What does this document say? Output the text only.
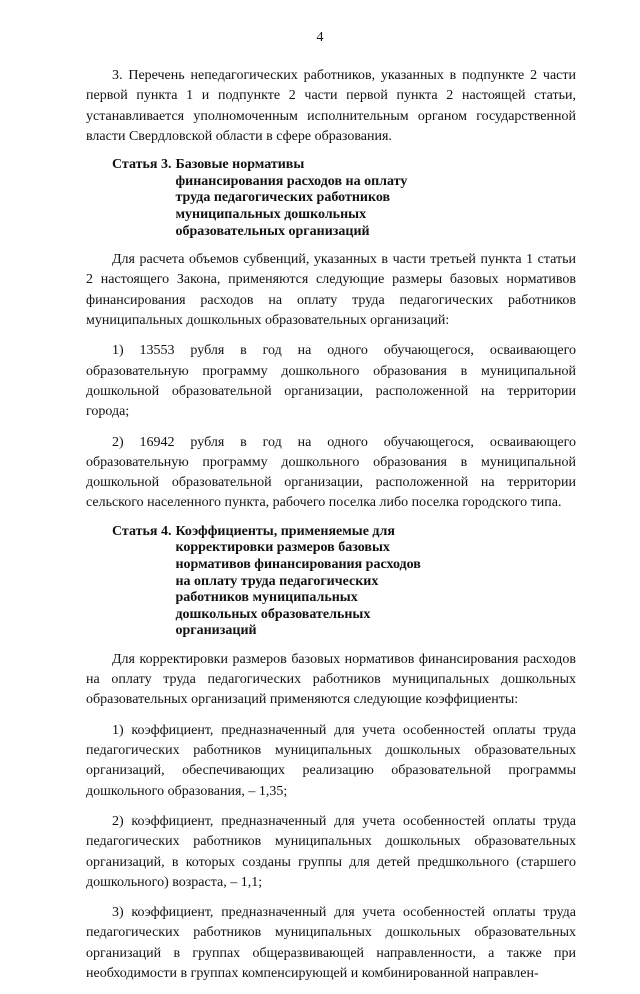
4

3. Перечень непедагогических работников, указанных в подпункте 2 части первой пункта 1 и подпункте 2 части первой пункта 2 настоящей статьи, устанавливается уполномоченным исполнительным органом государственной власти Свердловской области в сфере образования.

Статья 3. Базовые нормативы финансирования расходов на оплату труда педагогических работников муниципальных дошкольных образовательных организаций

Для расчета объемов субвенций, указанных в части третьей пункта 1 статьи 2 настоящего Закона, применяются следующие размеры базовых нормативов финансирования расходов на оплату труда педагогических работников муниципальных дошкольных образовательных организаций:

1) 13553 рубля в год на одного обучающегося, осваивающего образовательную программу дошкольного образования в муниципальной дошкольной образовательной организации, расположенной на территории города;

2) 16942 рубля в год на одного обучающегося, осваивающего образовательную программу дошкольного образования в муниципальной дошкольной образовательной организации, расположенной на территории сельского населенного пункта, рабочего поселка либо поселка городского типа.

Статья 4. Коэффициенты, применяемые для корректировки размеров базовых нормативов финансирования расходов на оплату труда педагогических работников муниципальных дошкольных образовательных организаций

Для корректировки размеров базовых нормативов финансирования расходов на оплату труда педагогических работников муниципальных дошкольных образовательных организаций применяются следующие коэффициенты:

1) коэффициент, предназначенный для учета особенностей оплаты труда педагогических работников муниципальных дошкольных образовательных организаций, обеспечивающих реализацию образовательной программы дошкольного образования, – 1,35;

2) коэффициент, предназначенный для учета особенностей оплаты труда педагогических работников муниципальных дошкольных образовательных организаций, в которых созданы группы для детей предшкольного (старшего дошкольного) возраста, – 1,1;

3) коэффициент, предназначенный для учета особенностей оплаты труда педагогических работников муниципальных дошкольных образовательных организаций в группах общеразвивающей направленности, а также при необходимости в группах компенсирующей и комбинированной направлен-
